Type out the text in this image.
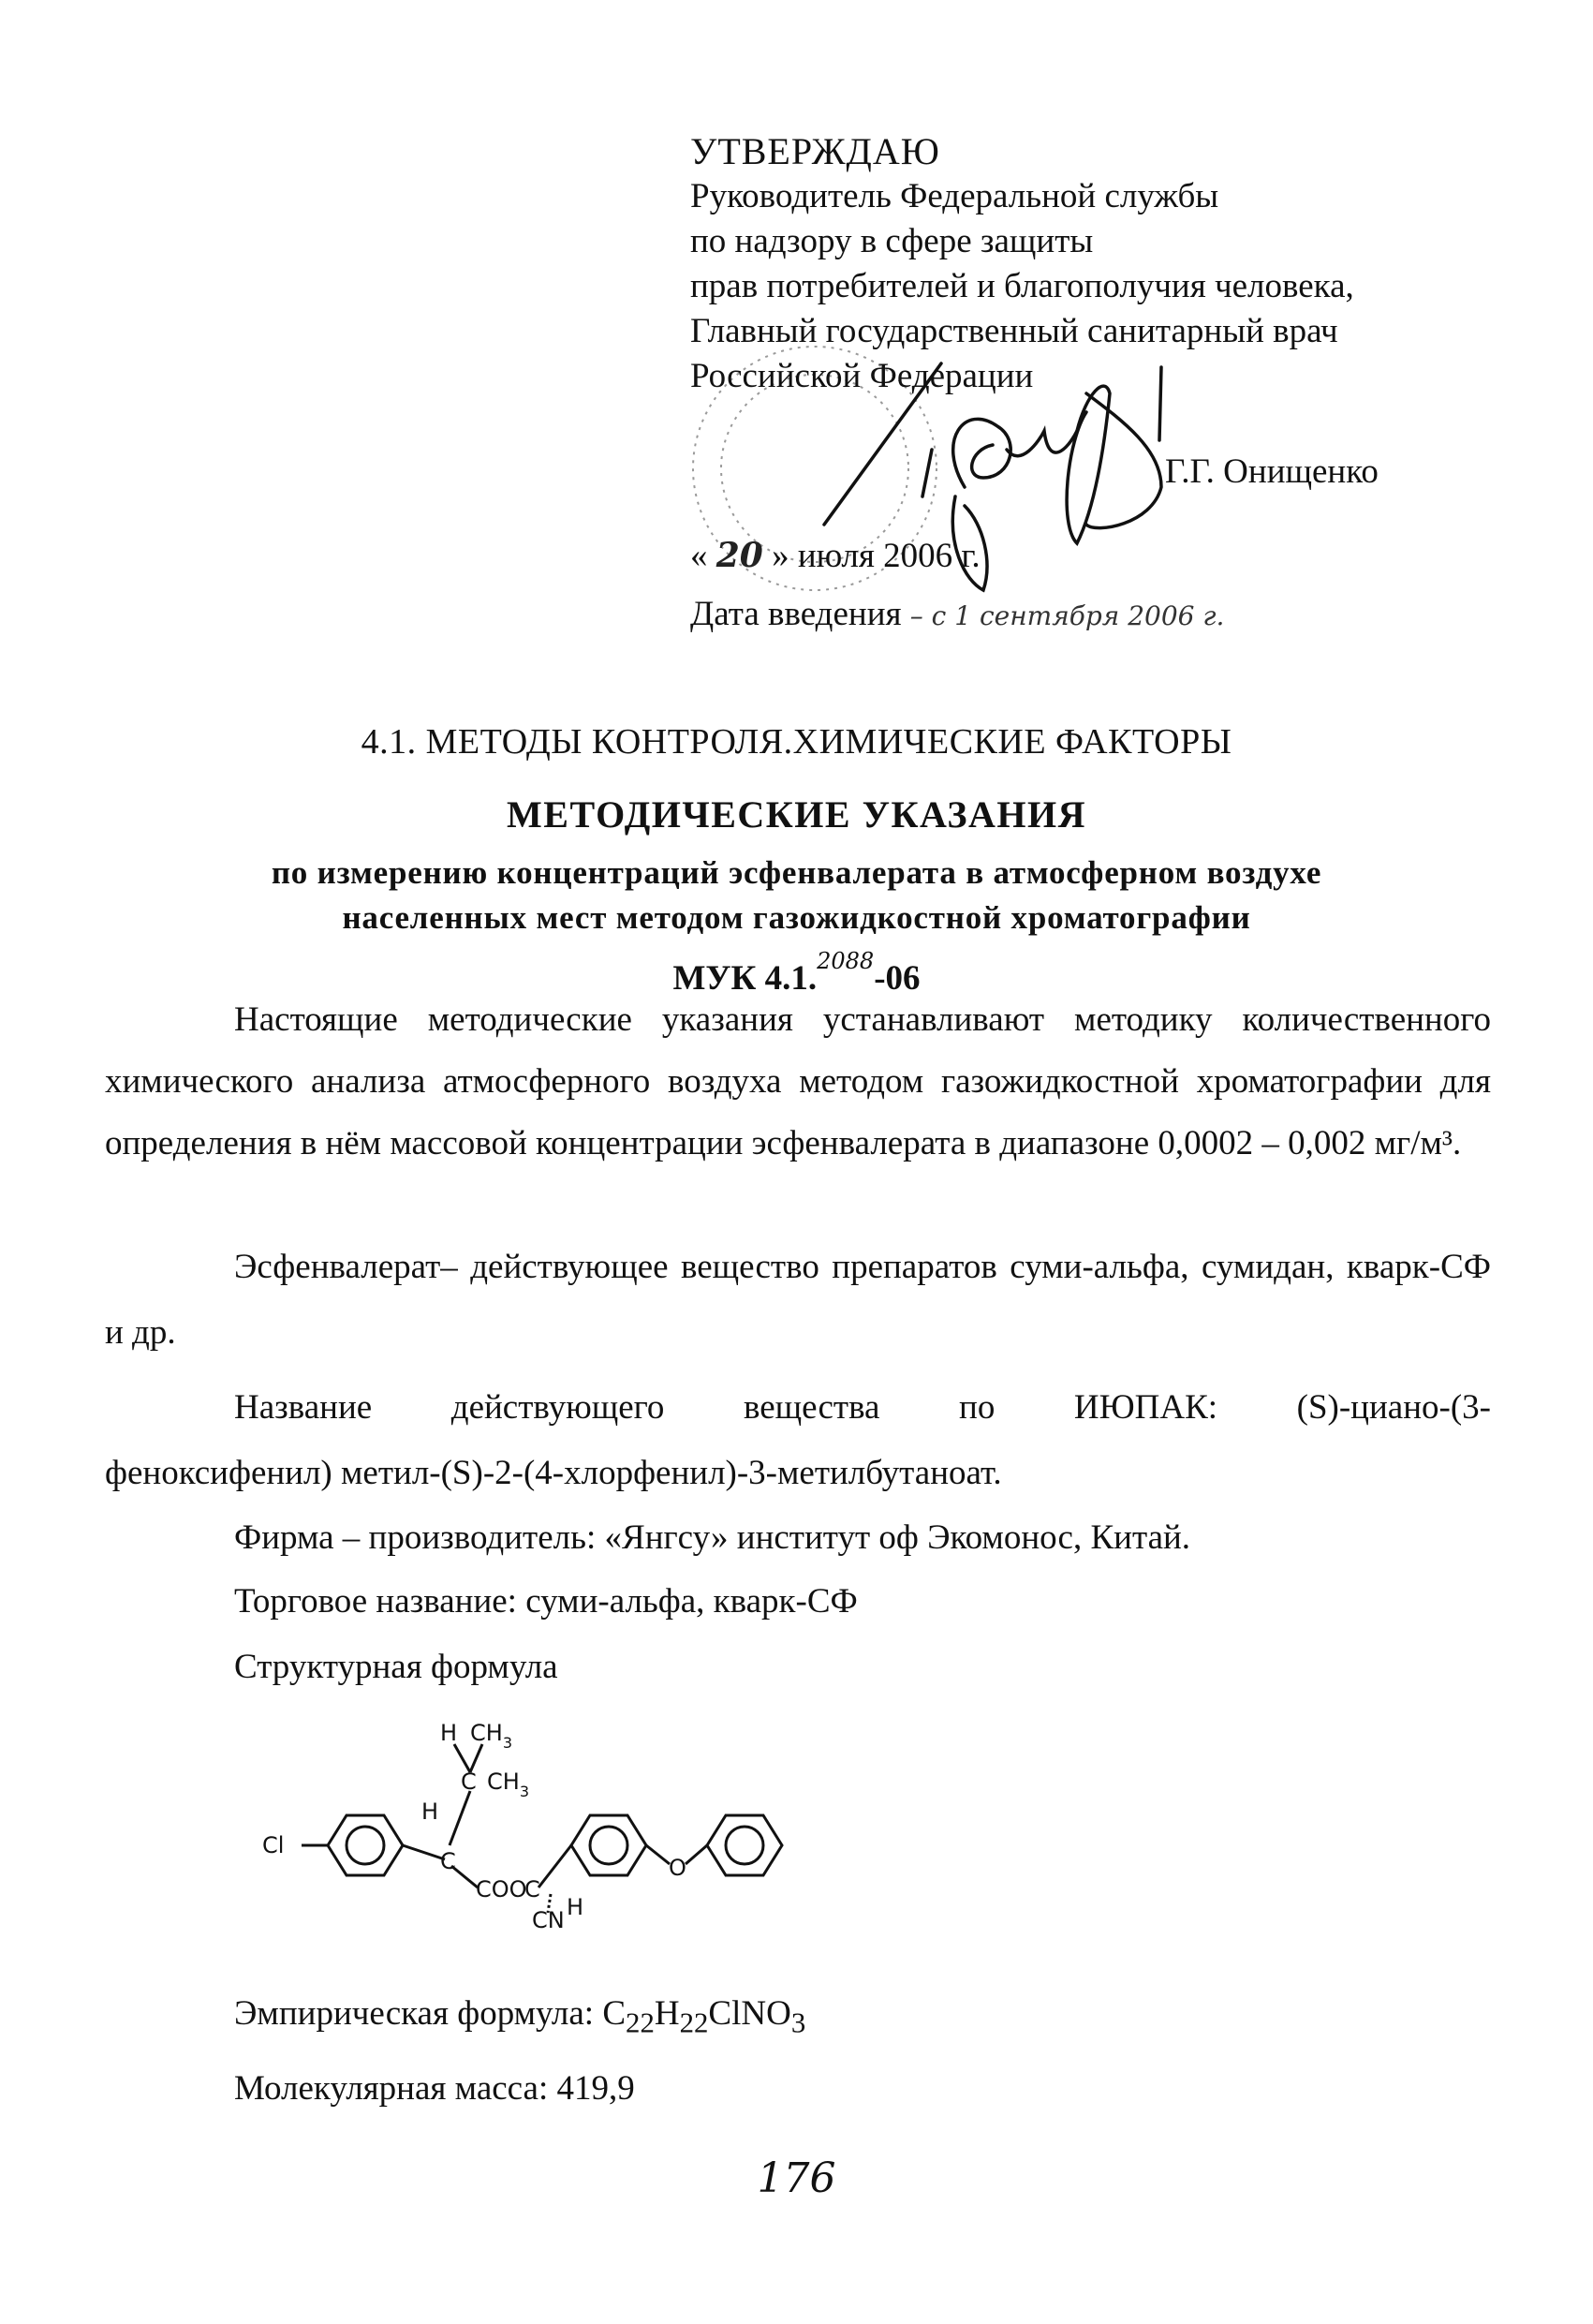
УТВЕРЖДАЮ
Руководитель Федеральной службы
по надзору в сфере защиты
прав потребителей и благополучия человека,
Главный государственный санитарный врач
Российской Федерации
Г.Г. Онищенко
« 20 » июля 2006 г.
Дата введения – с 1 сентября 2006 г.
4.1. МЕТОДЫ КОНТРОЛЯ.ХИМИЧЕСКИЕ ФАКТОРЫ
МЕТОДИЧЕСКИЕ УКАЗАНИЯ
по измерению концентраций эсфенвалерата в атмосферном воздухе
населенных мест методом газожидкостной хроматографии
МУК 4.1.$^{2088}$-06

Настоящие методические указания устанавливают методику количественного химического анализа атмосферного воздуха методом газожидкостной хроматографии для определения в нём массовой концентрации эсфенвалерата в диапазоне 0,0002 – 0,002 мг/м³.

Эсфенвалерат– действующее вещество препаратов суми-альфа, сумидан, кварк-СФ и др.

Название действующего вещества по ИЮПАК: (S)-циано-(3-
феноксифенил) метил-(S)-2-(4-хлорфенил)-3-метилбутаноат.
Фирма – производитель: «Янгсу» институт оф Экомонос, Китай.
Торговое название: суми-альфа, кварк-СФ
Структурная формула
Cl
H
C
C $CH_3$
H $CH_3$
COO
C
H
CN
O
Эмпирическая формула: $C_{22}H_{22}ClNO_3$
Молекулярная масса: 419,9
176
